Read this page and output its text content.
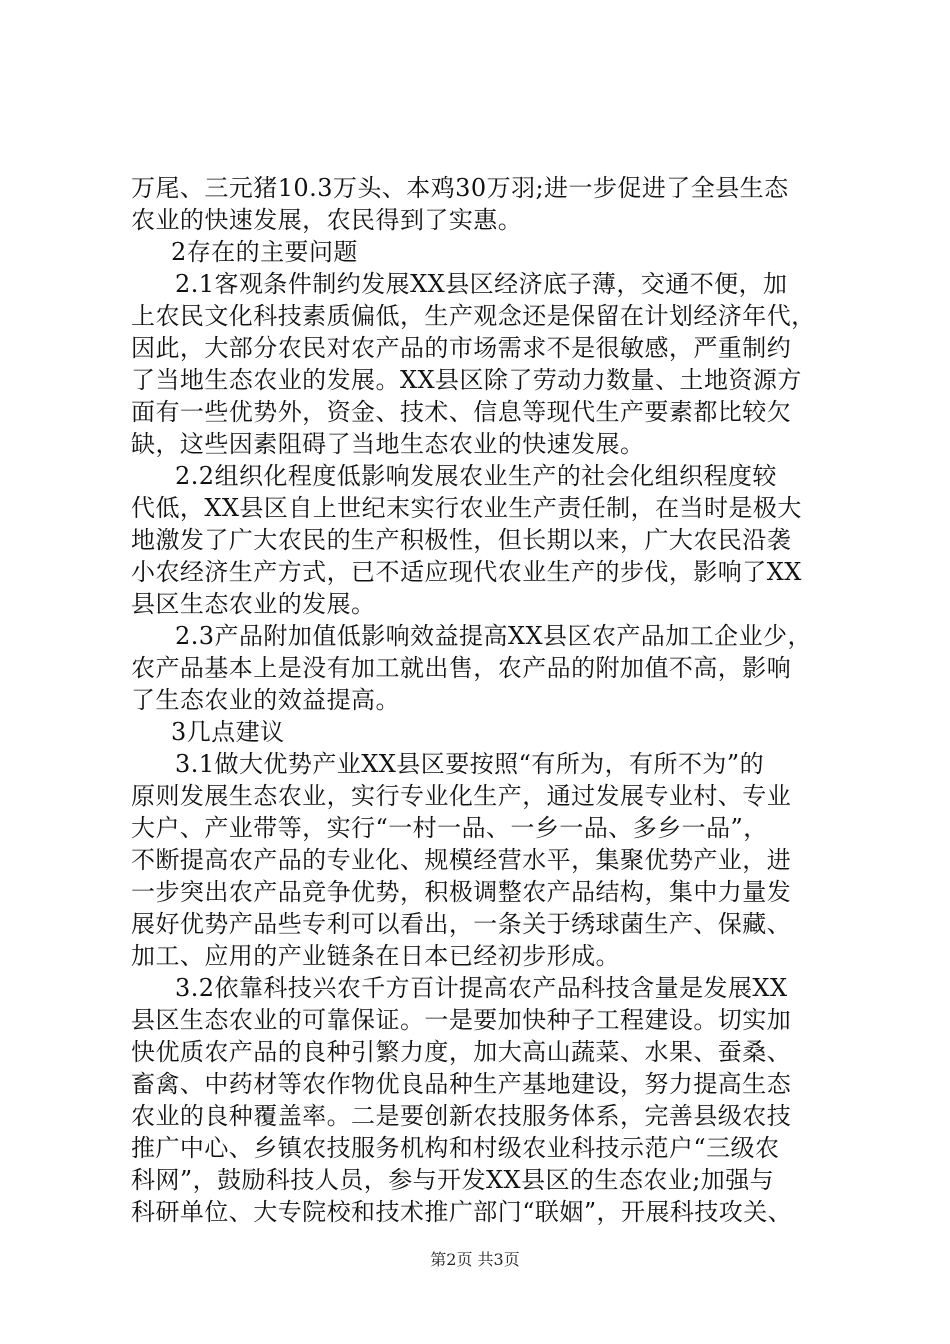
万尾、三元猪10.3万头、本鸡30万羽;进一步促进了全县生态
农业的快速发展，农民得到了实惠。
2存在的主要问题
2.1客观条件制约发展XX县区经济底子薄，交通不便，加
上农民文化科技素质偏低，生产观念还是保留在计划经济年代，
因此，大部分农民对农产品的市场需求不是很敏感，严重制约
了当地生态农业的发展。XX县区除了劳动力数量、土地资源方
面有一些优势外，资金、技术、信息等现代生产要素都比较欠
缺，这些因素阻碍了当地生态农业的快速发展。
2.2组织化程度低影响发展农业生产的社会化组织程度较
代低，XX县区自上世纪末实行农业生产责任制，在当时是极大
地激发了广大农民的生产积极性，但长期以来，广大农民沿袭
小农经济生产方式，已不适应现代农业生产的步伐，影响了XX
县区生态农业的发展。
2.3产品附加值低影响效益提高XX县区农产品加工企业少，
农产品基本上是没有加工就出售，农产品的附加值不高，影响
了生态农业的效益提高。
3几点建议
3.1做大优势产业XX县区要按照“有所为，有所不为”的
原则发展生态农业，实行专业化生产，通过发展专业村、专业
大户、产业带等，实行“一村一品、一乡一品、多乡一品”，
不断提高农产品的专业化、规模经营水平，集聚优势产业，进
一步突出农产品竞争优势，积极调整农产品结构，集中力量发
展好优势产品些专利可以看出，一条关于绣球菌生产、保藏、
加工、应用的产业链条在日本已经初步形成。
3.2依靠科技兴农千方百计提高农产品科技含量是发展XX
县区生态农业的可靠保证。一是要加快种子工程建设。切实加
快优质农产品的良种引繁力度，加大高山蔬菜、水果、蚕桑、
畜禽、中药材等农作物优良品种生产基地建设，努力提高生态
农业的良种覆盖率。二是要创新农技服务体系，完善县级农技
推广中心、乡镇农技服务机构和村级农业科技示范户“三级农
科网”，鼓励科技人员，参与开发XX县区的生态农业;加强与
科研单位、大专院校和技术推广部门“联姻”，开展科技攻关、
第2页 共3页
